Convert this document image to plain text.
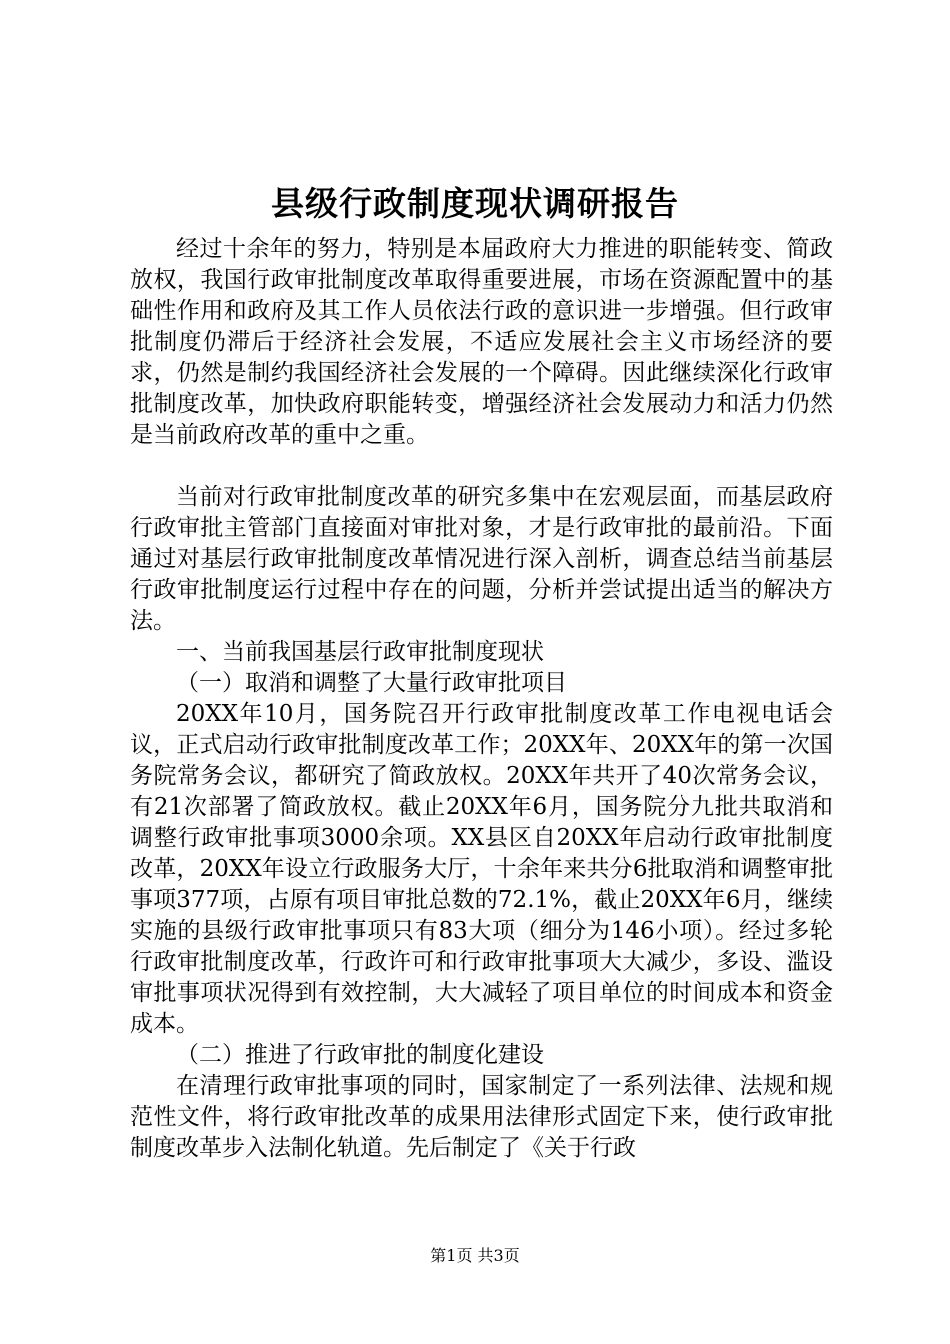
县级行政制度现状调研报告

经过十余年的努力，特别是本届政府大力推进的职能转变、简政放权，我国行政审批制度改革取得重要进展，市场在资源配置中的基础性作用和政府及其工作人员依法行政的意识进一步增强。但行政审批制度仍滞后于经济社会发展，不适应发展社会主义市场经济的要求，仍然是制约我国经济社会发展的一个障碍。因此继续深化行政审批制度改革，加快政府职能转变，增强经济社会发展动力和活力仍然是当前政府改革的重中之重。

当前对行政审批制度改革的研究多集中在宏观层面，而基层政府行政审批主管部门直接面对审批对象，才是行政审批的最前沿。下面通过对基层行政审批制度改革情况进行深入剖析，调查总结当前基层行政审批制度运行过程中存在的问题，分析并尝试提出适当的解决方法。

一、当前我国基层行政审批制度现状

（一）取消和调整了大量行政审批项目

20XX年10月，国务院召开行政审批制度改革工作电视电话会议，正式启动行政审批制度改革工作；20XX年、20XX年的第一次国务院常务会议，都研究了简政放权。20XX年共开了40次常务会议，有21次部署了简政放权。截止20XX年6月，国务院分九批共取消和调整行政审批事项3000余项。XX县区自20XX年启动行政审批制度改革，20XX年设立行政服务大厅，十余年来共分6批取消和调整审批事项377项，占原有项目审批总数的72.1%，截止20XX年6月，继续实施的县级行政审批事项只有83大项（细分为146小项）。经过多轮行政审批制度改革，行政许可和行政审批事项大大减少，多设、滥设审批事项状况得到有效控制，大大减轻了项目单位的时间成本和资金成本。

（二）推进了行政审批的制度化建设

在清理行政审批事项的同时，国家制定了一系列法律、法规和规范性文件，将行政审批改革的成果用法律形式固定下来，使行政审批制度改革步入法制化轨道。先后制定了《关于行政

第1页 共3页
